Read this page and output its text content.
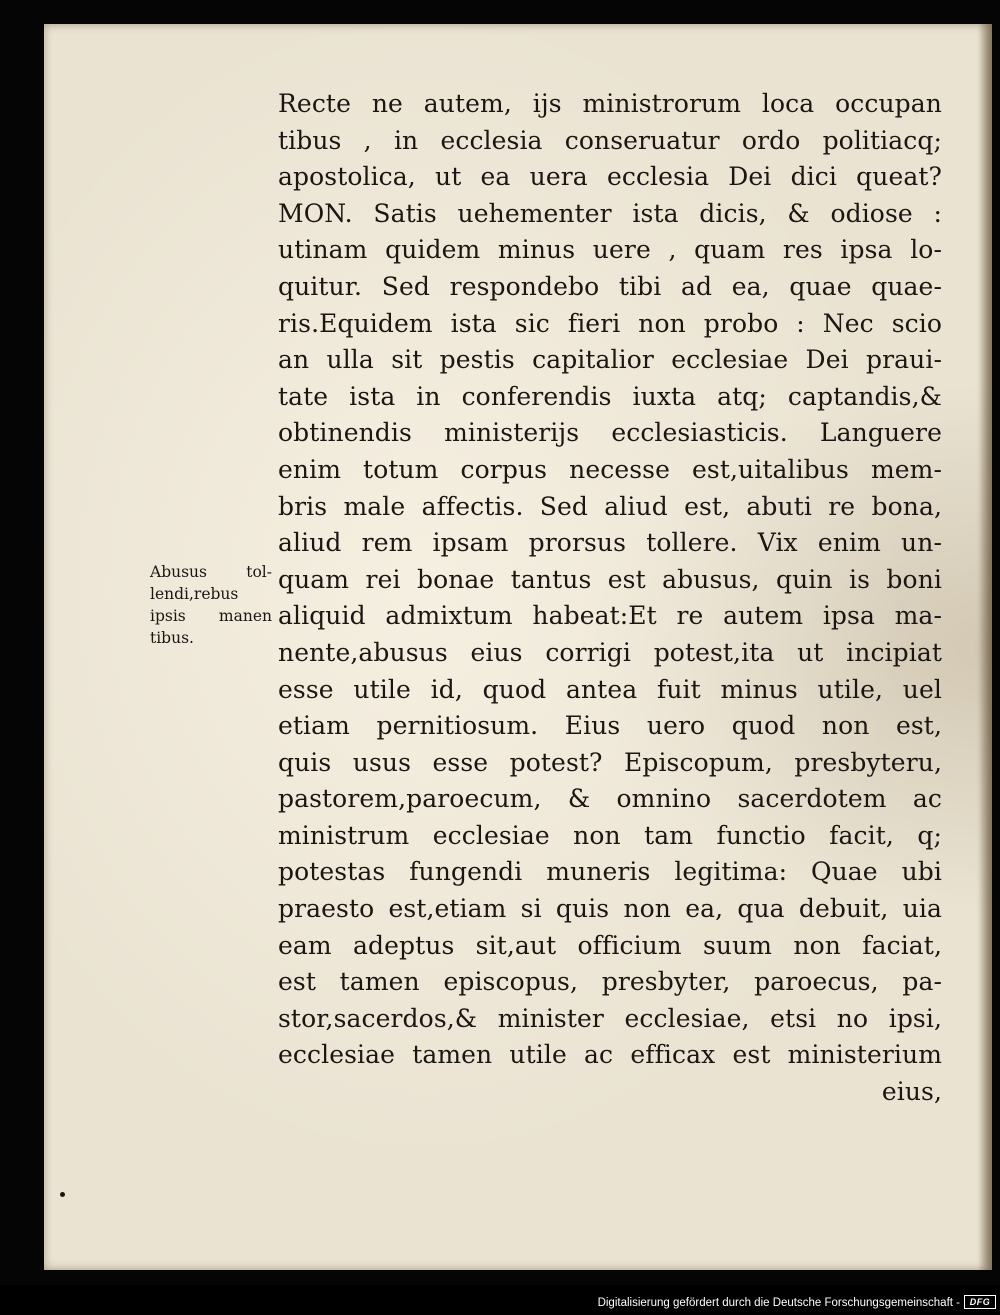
Recte ne autem, ijs ministrorum loca occupan
tibus , in ecclesia conseruatur ordo politiacq;
apostolica, ut ea uera ecclesia Dei dici queat?
MON. Satis uehementer ista dicis, & odiose :
utinam quidem minus uere , quam res ipsa lo-
quitur. Sed respondebo tibi ad ea, quae quae-
ris.Equidem ista sic fieri non probo : Nec scio
an ulla sit pestis capitalior ecclesiae Dei praui-
tate ista in conferendis iuxta atq; captandis,&
obtinendis ministerijs ecclesiasticis. Languere
enim totum corpus necesse est,uitalibus mem-
bris male affectis. Sed aliud est, abuti re bona,
aliud rem ipsam prorsus tollere. Vix enim un-
quam rei bonae tantus est abusus, quin is boni
aliquid admixtum habeat:Et re autem ipsa ma-
nente,abusus eius corrigi potest,ita ut incipiat
esse utile id, quod antea fuit minus utile, uel
etiam pernitiosum. Eius uero quod non est,
quis usus esse potest? Episcopum, presbyteru,
pastorem,paroecum, & omnino sacerdotem ac
ministrum ecclesiae non tam functio facit, q;
potestas fungendi muneris legitima: Quae ubi
praesto est,etiam si quis non ea, qua debuit, uia
eam adeptus sit,aut officium suum non faciat,
est tamen episcopus, presbyter, paroecus, pa-
stor,sacerdos,& minister ecclesiae, etsi no ipsi,
ecclesiae tamen utile ac efficax est ministerium
eius,
Abusus tol-
lendi,rebus
ipsis manen
tibus.
Digitalisierung gefördert durch die Deutsche Forschungsgemeinschaft -	DFG
